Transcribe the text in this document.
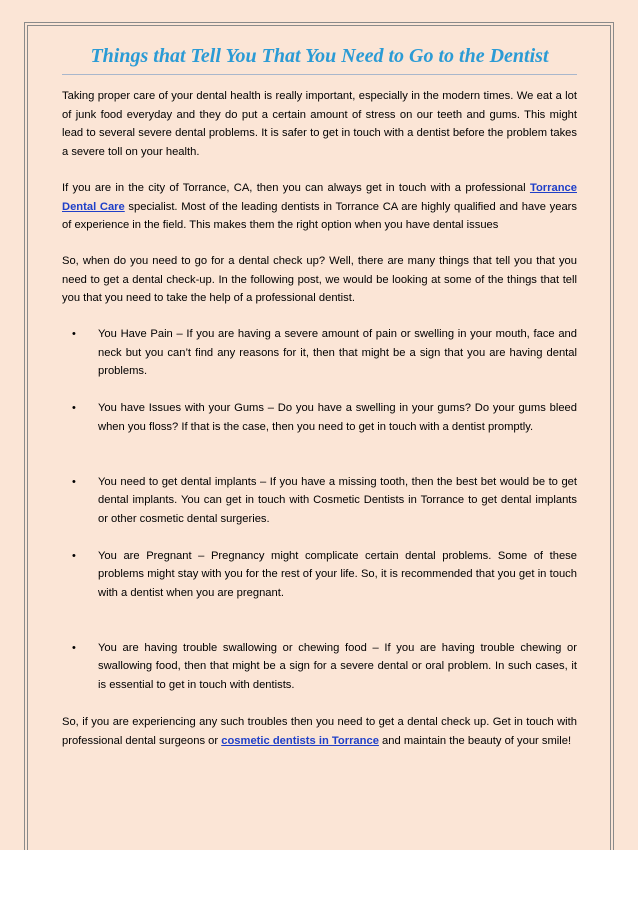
Things that Tell You That You Need to Go to the Dentist

Taking proper care of your dental health is really important, especially in the modern times. We eat a lot of junk food everyday and they do put a certain amount of stress on our teeth and gums. This might lead to several severe dental problems. It is safer to get in touch with a dentist before the problem takes a severe toll on your health.

If you are in the city of Torrance, CA, then you can always get in touch with a professional Torrance Dental Care specialist. Most of the leading dentists in Torrance CA are highly qualified and have years of experience in the field. This makes them the right option when you have dental issues

So, when do you need to go for a dental check up? Well, there are many things that tell you that you need to get a dental check-up. In the following post, we would be looking at some of the things that tell you that you need to take the help of a professional dentist.

• You Have Pain – If you are having a severe amount of pain or swelling in your mouth, face and neck but you can’t find any reasons for it, then that might be a sign that you are having dental problems.
• You have Issues with your Gums – Do you have a swelling in your gums? Do your gums bleed when you floss? If that is the case, then you need to get in touch with a dentist promptly.
• You need to get dental implants – If you have a missing tooth, then the best bet would be to get dental implants. You can get in touch with Cosmetic Dentists in Torrance to get dental implants or other cosmetic dental surgeries.
• You are Pregnant – Pregnancy might complicate certain dental problems. Some of these problems might stay with you for the rest of your life. So, it is recommended that you get in touch with a dentist when you are pregnant.
• You are having trouble swallowing or chewing food – If you are having trouble chewing or swallowing food, then that might be a sign for a severe dental or oral problem. In such cases, it is essential to get in touch with dentists.

So, if you are experiencing any such troubles then you need to get a dental check up. Get in touch with professional dental surgeons or cosmetic dentists in Torrance and maintain the beauty of your smile!
